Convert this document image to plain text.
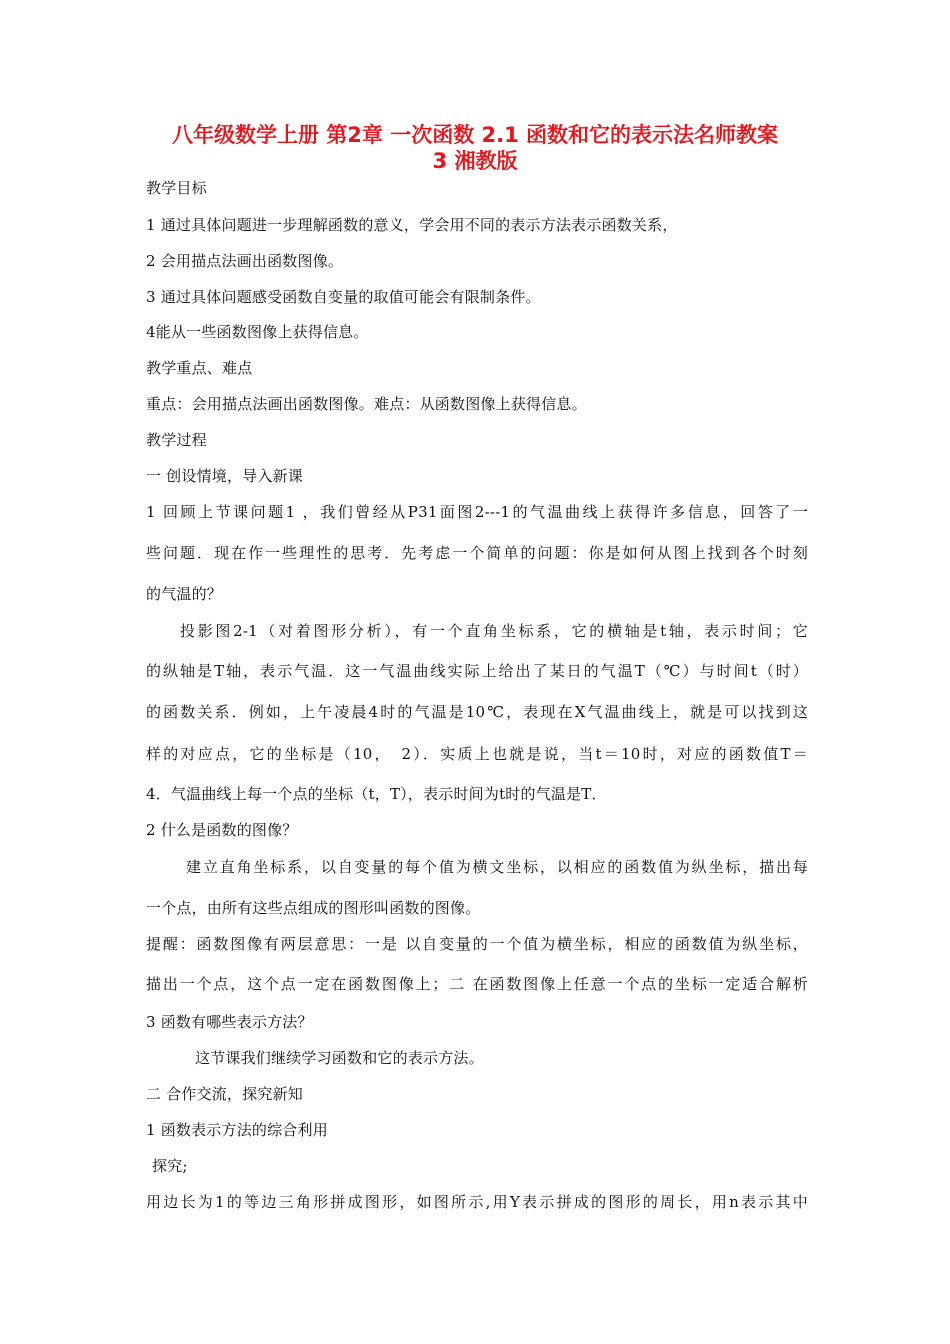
八年级数学上册 第2章 一次函数 2.1 函数和它的表示法名师教案
3 湘教版
教学目标
1 通过具体问题进一步理解函数的意义，学会用不同的表示方法表示函数关系，
2 会用描点法画出函数图像。
3 通过具体问题感受函数自变量的取值可能会有限制条件。
4能从一些函数图像上获得信息。
教学重点、难点
重点：会用描点法画出函数图像。难点：从函数图像上获得信息。
教学过程
一 创设情境，导入新课
1 回顾上节课问题1 ，我们曾经从P31面图2---1的气温曲线上获得许多信息，回答了一
些问题．现在作一些理性的思考．先考虑一个简单的问题：你是如何从图上找到各个时刻
的气温的？
投影图2-1（对着图形分析），有一个直角坐标系，它的横轴是t轴，表示时间；它
的纵轴是T轴，表示气温．这一气温曲线实际上给出了某日的气温T（℃）与时间t（时）
的函数关系．例如，上午凌晨4时的气温是10℃，表现在X气温曲线上，就是可以找到这
样的对应点，它的坐标是（10，　2）．实质上也就是说，当t＝10时，对应的函数值T＝
4．气温曲线上每一个点的坐标（t，T），表示时间为t时的气温是T．
2 什么是函数的图像？
建立直角坐标系，以自变量的每个值为横文坐标，以相应的函数值为纵坐标，描出每
一个点，由所有这些点组成的图形叫函数的图像。
提醒：函数图像有两层意思：一是 以自变量的一个值为横坐标，相应的函数值为纵坐标，
描出一个点，这个点一定在函数图像上；二 在函数图像上任意一个点的坐标一定适合解析
3 函数有哪些表示方法？
这节课我们继续学习函数和它的表示方法。
二 合作交流，探究新知
1 函数表示方法的综合利用
探究;
用边长为1的等边三角形拼成图形，如图所示,用Y表示拼成的图形的周长，用n表示其中
